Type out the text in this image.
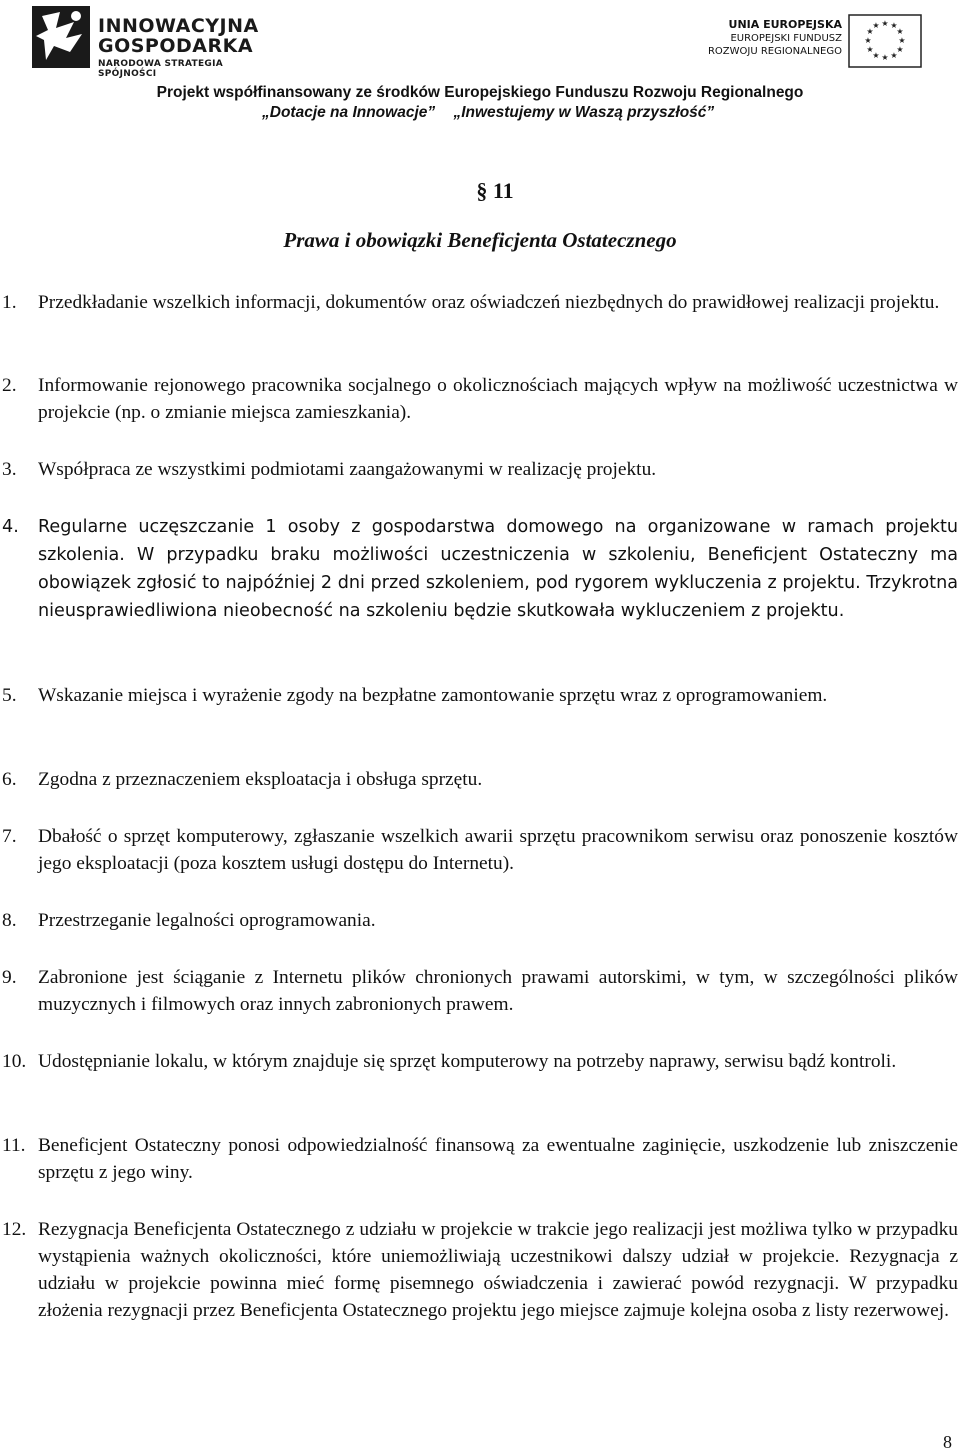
INNOWACYJNA
GOSPODARKA
NARODOWA STRATEGIA SPÓJNOŚCI
UNIA EUROPEJSKA
EUROPEJSKI FUNDUSZ
ROZWOJU REGIONALNEGO
★ ★
★
★
★
★
★
★
★
★
★
★
Projekt współfinansowany ze środków Europejskiego Funduszu Rozwoju Regionalnego
„Dotacje na Innowacje” „Inwestujemy w Waszą przyszłość”
§ 11
Prawa i obowiązki Beneficjenta Ostatecznego
1. Przedkładanie wszelkich informacji, dokumentów oraz oświadczeń niezbędnych do prawidłowej realizacji projektu.
2. Informowanie rejonowego pracownika socjalnego o okolicznościach mających wpływ na możliwość uczestnictwa w projekcie (np. o zmianie miejsca zamieszkania).
3. Współpraca ze wszystkimi podmiotami zaangażowanymi w realizację projektu.
4. Regularne uczęszczanie 1 osoby z gospodarstwa domowego na organizowane w ramach projektu szkolenia. W przypadku braku możliwości uczestniczenia w szkoleniu, Beneficjent Ostateczny ma obowiązek zgłosić to najpóźniej 2 dni przed szkoleniem, pod rygorem wykluczenia z projektu. Trzykrotna nieusprawiedliwiona nieobecność na szkoleniu będzie skutkowała wykluczeniem z projektu.
5. Wskazanie miejsca i wyrażenie zgody na bezpłatne zamontowanie sprzętu wraz z oprogramowaniem.
6. Zgodna z przeznaczeniem eksploatacja i obsługa sprzętu.
7. Dbałość o sprzęt komputerowy, zgłaszanie wszelkich awarii sprzętu pracownikom serwisu oraz ponoszenie kosztów jego eksploatacji (poza kosztem usługi dostępu do Internetu).
8. Przestrzeganie legalności oprogramowania.
9. Zabronione jest ściąganie z Internetu plików chronionych prawami autorskimi, w tym, w szczególności plików muzycznych i filmowych oraz innych zabronionych prawem.
10. Udostępnianie lokalu, w którym znajduje się sprzęt komputerowy na potrzeby naprawy, serwisu bądź kontroli.
11. Beneficjent Ostateczny ponosi odpowiedzialność finansową za ewentualne zaginięcie, uszkodzenie lub zniszczenie sprzętu z jego winy.
12. Rezygnacja Beneficjenta Ostatecznego z udziału w projekcie w trakcie jego realizacji jest możliwa tylko w przypadku wystąpienia ważnych okoliczności, które uniemożliwiają uczestnikowi dalszy udział w projekcie. Rezygnacja z udziału w projekcie powinna mieć formę pisemnego oświadczenia i zawierać powód rezygnacji. W przypadku złożenia rezygnacji przez Beneficjenta Ostatecznego projektu jego miejsce zajmuje kolejna osoba z listy rezerwowej.
8
